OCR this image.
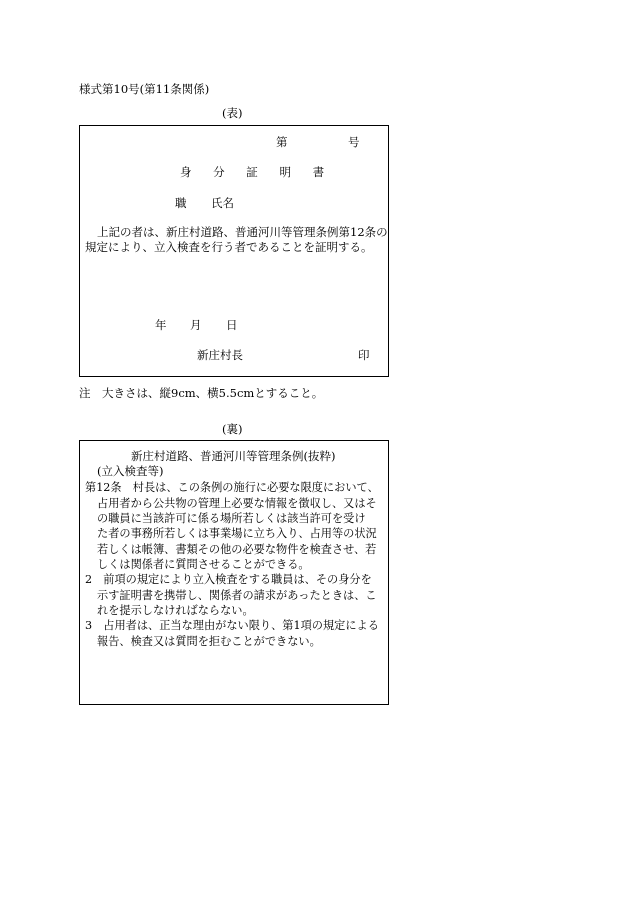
様式第10号(第11条関係)
(表)
第	号
身 分 証 明 書
職 氏名
上記の者は、新庄村道路、普通河川等管理条例第12条の
規定により、立入検査を行う者であることを証明する。
年 月 日
新庄村長	印
注　大きさは、縦9cm、横5.5cmとすること。
(裏)
新庄村道路、普通河川等管理条例(抜粋)
(立入検査等)
第12条　村長は、この条例の施行に必要な限度において、
占用者から公共物の管理上必要な情報を徴収し、又はそ
の職員に当該許可に係る場所若しくは該当許可を受け
た者の事務所若しくは事業場に立ち入り、占用等の状況
若しくは帳簿、書類その他の必要な物件を検査させ、若
しくは関係者に質問させることができる。
2　前項の規定により立入検査をする職員は、その身分を
示す証明書を携帯し、関係者の請求があったときは、こ
れを提示しなければならない。
3　占用者は、正当な理由がない限り、第1項の規定による
報告、検査又は質問を拒むことができない。
